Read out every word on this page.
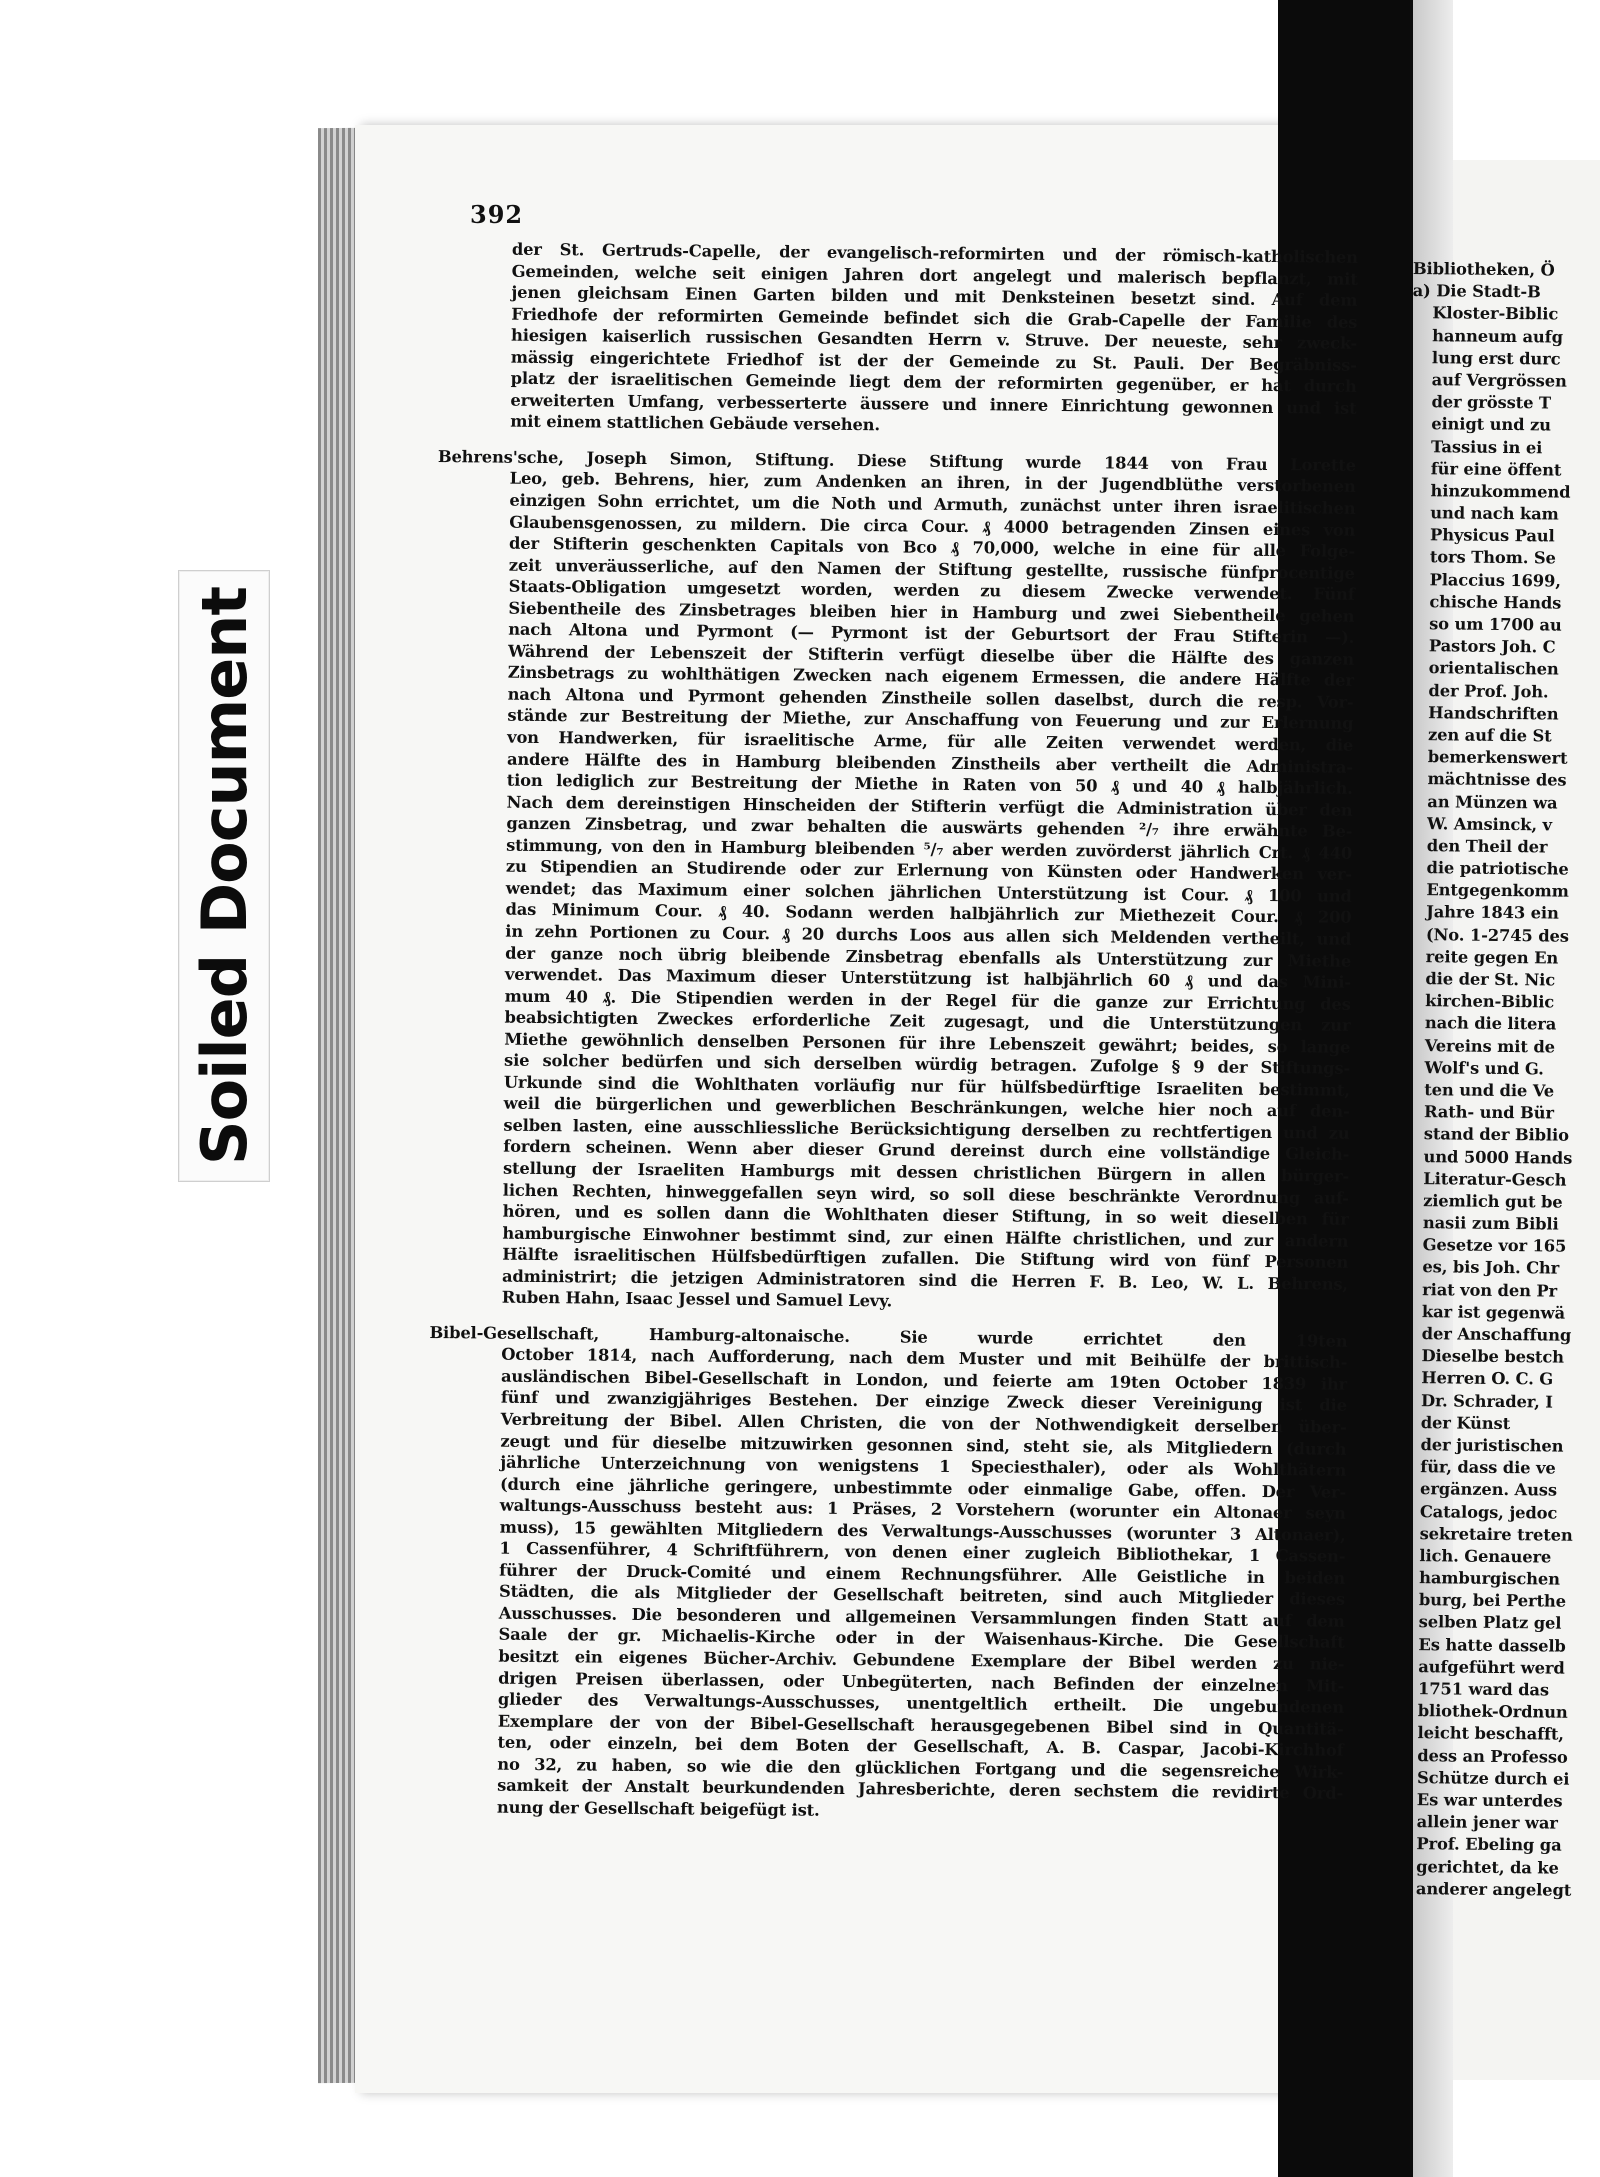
Soiled Document
392
der St. Gertruds-Capelle, der evangelisch-reformirten und der römisch-katholischen
Gemeinden, welche seit einigen Jahren dort angelegt und malerisch bepflanzt, mit
jenen gleichsam Einen Garten bilden und mit Denksteinen besetzt sind. Auf dem
Friedhofe der reformirten Gemeinde befindet sich die Grab-Capelle der Familie des
hiesigen kaiserlich russischen Gesandten Herrn v. Struve. Der neueste, sehr zweck-
mässig eingerichtete Friedhof ist der der Gemeinde zu St. Pauli. Der Begräbniss-
platz der israelitischen Gemeinde liegt dem der reformirten gegenüber, er hat durch
erweiterten Umfang, verbesserterte äussere und innere Einrichtung gewonnen und ist
mit einem stattlichen Gebäude versehen.
Behrens'sche, Joseph Simon, Stiftung. Diese Stiftung wurde 1844 von Frau Lorette
Leo, geb. Behrens, hier, zum Andenken an ihren, in der Jugendblüthe verstorbenen
einzigen Sohn errichtet, um die Noth und Armuth, zunächst unter ihren israelitischen
Glaubensgenossen, zu mildern. Die circa Cour. ₰ 4000 betragenden Zinsen eines von
der Stifterin geschenkten Capitals von Bco ₰ 70,000, welche in eine für alle Folge-
zeit unveräusserliche, auf den Namen der Stiftung gestellte, russische fünfprocentige
Staats-Obligation umgesetzt worden, werden zu diesem Zwecke verwendet. Fünf
Siebentheile des Zinsbetrages bleiben hier in Hamburg und zwei Siebentheile gehen
nach Altona und Pyrmont (— Pyrmont ist der Geburtsort der Frau Stifterin —).
Während der Lebenszeit der Stifterin verfügt dieselbe über die Hälfte des ganzen
Zinsbetrags zu wohlthätigen Zwecken nach eigenem Ermessen, die andere Hälfte der
nach Altona und Pyrmont gehenden Zinstheile sollen daselbst, durch die resp. Vor-
stände zur Bestreitung der Miethe, zur Anschaffung von Feuerung und zur Erlernung
von Handwerken, für israelitische Arme, für alle Zeiten verwendet werden, die
andere Hälfte des in Hamburg bleibenden Zinstheils aber vertheilt die Administra-
tion lediglich zur Bestreitung der Miethe in Raten von 50 ₰ und 40 ₰ halbjährlich.
Nach dem dereinstigen Hinscheiden der Stifterin verfügt die Administration über den
ganzen Zinsbetrag, und zwar behalten die auswärts gehenden ²/₇ ihre erwähnte Be-
stimmung, von den in Hamburg bleibenden ⁵/₇ aber werden zuvörderst jährlich Crt. ₰ 440
zu Stipendien an Studirende oder zur Erlernung von Künsten oder Handwerken ver-
wendet; das Maximum einer solchen jährlichen Unterstützung ist Cour. ₰ 100 und
das Minimum Cour. ₰ 40. Sodann werden halbjährlich zur Miethezeit Cour. ₰ 200
in zehn Portionen zu Cour. ₰ 20 durchs Loos aus allen sich Meldenden vertheilt, und
der ganze noch übrig bleibende Zinsbetrag ebenfalls als Unterstützung zur Miethe
verwendet. Das Maximum dieser Unterstützung ist halbjährlich 60 ₰ und das Mini-
mum 40 ₰. Die Stipendien werden in der Regel für die ganze zur Errichtung des
beabsichtigten Zweckes erforderliche Zeit zugesagt, und die Unterstützungen zur
Miethe gewöhnlich denselben Personen für ihre Lebenszeit gewährt; beides, so lange
sie solcher bedürfen und sich derselben würdig betragen. Zufolge § 9 der Stiftungs-
Urkunde sind die Wohlthaten vorläufig nur für hülfsbedürftige Israeliten bestimmt,
weil die bürgerlichen und gewerblichen Beschränkungen, welche hier noch auf den-
selben lasten, eine ausschliessliche Berücksichtigung derselben zu rechtfertigen und zu
fordern scheinen. Wenn aber dieser Grund dereinst durch eine vollständige Gleich-
stellung der Israeliten Hamburgs mit dessen christlichen Bürgern in allen bürger-
lichen Rechten, hinweggefallen seyn wird, so soll diese beschränkte Verordnung auf-
hören, und es sollen dann die Wohlthaten dieser Stiftung, in so weit dieselben für
hamburgische Einwohner bestimmt sind, zur einen Hälfte christlichen, und zur andern
Hälfte israelitischen Hülfsbedürftigen zufallen. Die Stiftung wird von fünf Personen
administrirt; die jetzigen Administratoren sind die Herren F. B. Leo, W. L. Behrens,
Ruben Hahn, Isaac Jessel und Samuel Levy.
Bibel-Gesellschaft, Hamburg-altonaische. Sie wurde errichtet den 19ten
October 1814, nach Aufforderung, nach dem Muster und mit Beihülfe der brittisch-
ausländischen Bibel-Gesellschaft in London, und feierte am 19ten October 1839 ihr
fünf und zwanzigjähriges Bestehen. Der einzige Zweck dieser Vereinigung ist die
Verbreitung der Bibel. Allen Christen, die von der Nothwendigkeit derselben über-
zeugt und für dieselbe mitzuwirken gesonnen sind, steht sie, als Mitgliedern (durch
jährliche Unterzeichnung von wenigstens 1 Speciesthaler), oder als Wohlthätern
(durch eine jährliche geringere, unbestimmte oder einmalige Gabe, offen. Der Ver-
waltungs-Ausschuss besteht aus: 1 Präses, 2 Vorstehern (worunter ein Altonaer seyn
muss), 15 gewählten Mitgliedern des Verwaltungs-Ausschusses (worunter 3 Altonaer),
1 Cassenführer, 4 Schriftführern, von denen einer zugleich Bibliothekar, 1 Cassen-
führer der Druck-Comité und einem Rechnungsführer. Alle Geistliche in beiden
Städten, die als Mitglieder der Gesellschaft beitreten, sind auch Mitglieder dieses
Ausschusses. Die besonderen und allgemeinen Versammlungen finden Statt auf dem
Saale der gr. Michaelis-Kirche oder in der Waisenhaus-Kirche. Die Gesellschaft
besitzt ein eigenes Bücher-Archiv. Gebundene Exemplare der Bibel werden zu nie-
drigen Preisen überlassen, oder Unbegüterten, nach Befinden der einzelnen Mit-
glieder des Verwaltungs-Ausschusses, unentgeltlich ertheilt. Die ungebundenen
Exemplare der von der Bibel-Gesellschaft herausgegebenen Bibel sind in Quantitä-
ten, oder einzeln, bei dem Boten der Gesellschaft, A. B. Caspar, Jacobi-Kirchhof
no 32, zu haben, so wie die den glücklichen Fortgang und die segensreiche Wirk-
samkeit der Anstalt beurkundenden Jahresberichte, deren sechstem die revidirte Ord-
nung der Gesellschaft beigefügt ist.
Bibliotheken, Ö
a) Die Stadt-B
Kloster-Biblic
hanneum aufg
lung erst durc
auf Vergrössen
der grösste T
einigt und zu
Tassius in ei
für eine öffent
hinzukommend
und nach kam
Physicus Paul
tors Thom. Se
Placcius 1699,
chische Hands
so um 1700 au
Pastors Joh. C
orientalischen
der Prof. Joh.
Handschriften
zen auf die St
bemerkenswert
mächtnisse des
an Münzen wa
W. Amsinck, v
den Theil der
die patriotische
Entgegenkomm
Jahre 1843 ein
(No. 1-2745 des
reite gegen En
die der St. Nic
kirchen-Biblic
nach die litera
Vereins mit de
Wolf's und G.
ten und die Ve
Rath- und Bür
stand der Biblio
und 5000 Hands
Literatur-Gesch
ziemlich gut be
nasii zum Bibli
Gesetze vor 165
es, bis Joh. Chr
riat von den Pr
kar ist gegenwä
der Anschaffung
Dieselbe bestch
Herren O. C. G
Dr. Schrader, I
der Künst
der juristischen
für, dass die ve
ergänzen. Auss
Catalogs, jedoc
sekretaire treten
lich. Genauere
hamburgischen
burg, bei Perthe
selben Platz gel
Es hatte dasselb
aufgeführt werd
1751 ward das
bliothek-Ordnun
leicht beschafft,
dess an Professo
Schütze durch ei
Es war unterdes
allein jener war
Prof. Ebeling ga
gerichtet, da ke
anderer angelegt
